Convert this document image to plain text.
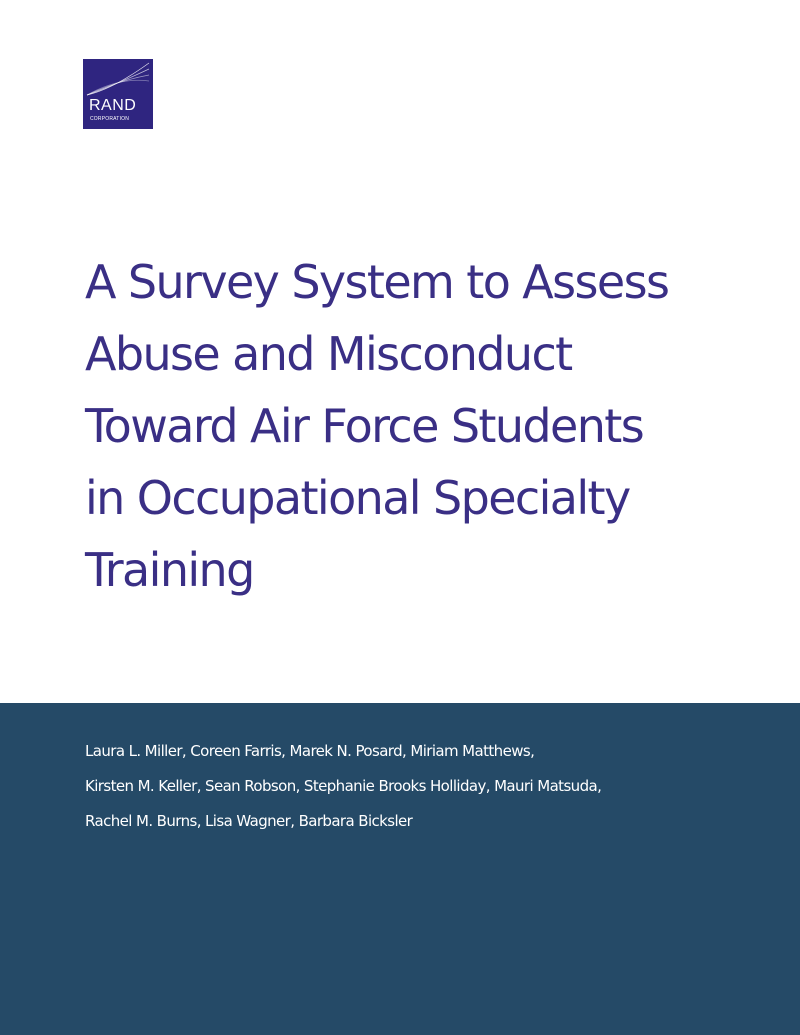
RAND
CORPORATION
A Survey System to Assess
Abuse and Misconduct
Toward Air Force Students
in Occupational Specialty
Training
Laura L. Miller, Coreen Farris, Marek N. Posard, Miriam Matthews,
Kirsten M. Keller, Sean Robson, Stephanie Brooks Holliday, Mauri Matsuda,
Rachel M. Burns, Lisa Wagner, Barbara Bicksler
